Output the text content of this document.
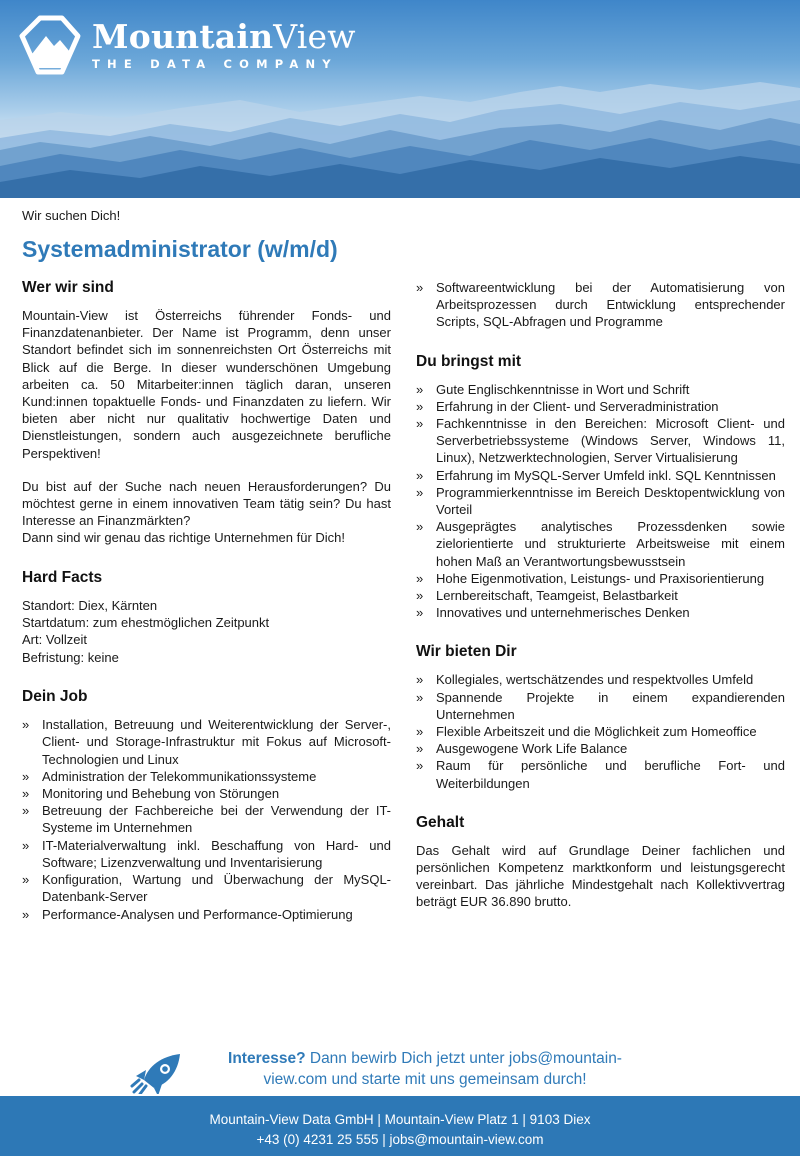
MountainView
THE DATA COMPANY
Wir suchen Dich!
Systemadministrator (w/m/d)
Wer wir sind

Mountain-View ist Österreichs führender Fonds- und Finanzdatenanbieter. Der Name ist Programm, denn unser Standort befindet sich im sonnenreichsten Ort Österreichs mit Blick auf die Berge. In dieser wunderschönen Umgebung arbeiten ca. 50 Mitarbeiter:innen täglich daran, unseren Kund:innen topaktuelle Fonds- und Finanzdaten zu liefern. Wir bieten aber nicht nur qualitativ hochwertige Daten und Dienstleistungen, sondern auch ausgezeichnete berufliche Perspektiven!

Du bist auf der Suche nach neuen Herausforderungen? Du möchtest gerne in einem innovativen Team tätig sein? Du hast Interesse an Finanzmärkten?

Dann sind wir genau das richtige Unternehmen für Dich!

Hard Facts
Standort: Diex, Kärnten
Startdatum: zum ehestmöglichen Zeitpunkt
Art: Vollzeit
Befristung: keine
Dein Job
» Installation, Betreuung und Weiterentwicklung der Server-, Client- und Storage-Infrastruktur mit Fokus auf Microsoft-Technologien und Linux
» Administration der Telekommunikationssysteme
» Monitoring und Behebung von Störungen
» Betreuung der Fachbereiche bei der Verwendung der IT-Systeme im Unternehmen
» IT-Materialverwaltung inkl. Beschaffung von Hard- und Software; Lizenzverwaltung und Inventarisierung
» Konfiguration, Wartung und Überwachung der MySQL-Datenbank-Server
» Performance-Analysen und Performance-Optimierung
» Softwareentwicklung bei der Automatisierung von Arbeitsprozessen durch Entwicklung entsprechender Scripts, SQL-Abfragen und Programme
Du bringst mit
» Gute Englischkenntnisse in Wort und Schrift
» Erfahrung in der Client- und Serveradministration
» Fachkenntnisse in den Bereichen: Microsoft Client- und Serverbetriebssysteme (Windows Server, Windows 11, Linux), Netzwerktechnologien, Server Virtualisierung
» Erfahrung im MySQL-Server Umfeld inkl. SQL Kenntnissen
» Programmierkenntnisse im Bereich Desktopentwicklung von Vorteil
» Ausgeprägtes analytisches Prozessdenken sowie zielorientierte und strukturierte Arbeitsweise mit einem hohen Maß an Verantwortungsbewusstsein
» Hohe Eigenmotivation, Leistungs- und Praxisorientierung
» Lernbereitschaft, Teamgeist, Belastbarkeit
» Innovatives und unternehmerisches Denken
Wir bieten Dir
» Kollegiales, wertschätzendes und respektvolles Umfeld
» Spannende Projekte in einem expandierenden Unternehmen
» Flexible Arbeitszeit und die Möglichkeit zum Homeoffice
» Ausgewogene Work Life Balance
» Raum für persönliche und berufliche Fort- und Weiterbildungen
Gehalt

Das Gehalt wird auf Grundlage Deiner fachlichen und persönlichen Kompetenz marktkonform und leistungsgerecht vereinbart. Das jährliche Mindestgehalt nach Kollektivvertrag beträgt EUR 36.890 brutto.

Interesse? Dann bewirb Dich jetzt unter jobs@mountain-view.com und starte mit uns gemeinsam durch!
Mountain-View Data GmbH | Mountain-View Platz 1 | 9103 Diex
+43 (0) 4231 25 555 | jobs@mountain-view.com
